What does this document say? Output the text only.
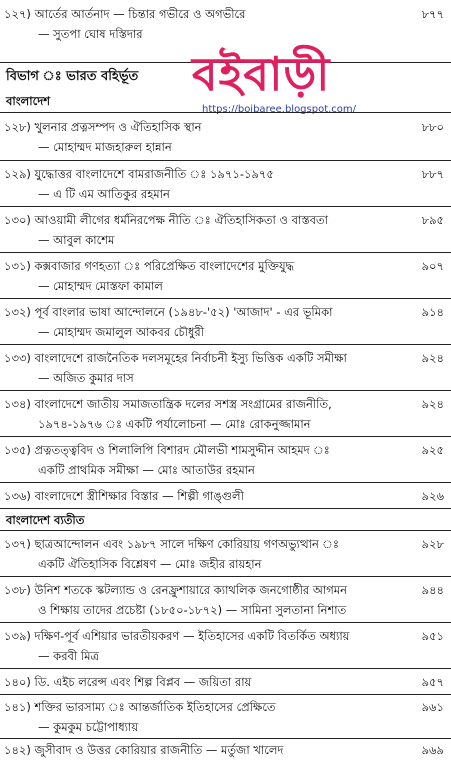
১২৭) আর্তের আর্তনাদ — চিন্তার গভীরে ও অগভীরে	৮৭৭
— সুতপা ঘোষ দস্তিদার
বিভাগ ঃ ভারত বহির্ভূত বইবাড়ী
https://boibaree.blogspot.com/
বাংলাদেশ
১২৮) খুলনার প্রত্নসম্পদ ও ঐতিহাসিক স্থান	৮৮০
— মোহাম্মদ মাজহারুল হান্নান
১২৯) যুদ্ধোত্তর বাংলাদেশে বামরাজনীতি ঃ ১৯৭১-১৯৭৫	৮৮৭
— এ টি এম আতিকুর রহমান
১৩০) আওয়ামী লীগের ধর্মনিরপেক্ষ নীতি ঃ ঐতিহাসিকতা ও বাস্তবতা	৮৯৫
— আবুল কাশেম
১৩১) কক্সবাজার গণহত্যা ঃ পরিপ্রেক্ষিত বাংলাদেশের মুক্তিযুদ্ধ	৯০৭
— মোহাম্মদ মোস্তফা কামাল
১৩২) পূর্ব বাংলার ভাষা আন্দোলনে (১৯৪৮-'৫২) 'আজাদ' - এর ভূমিকা	৯১৪
— মোহাম্মদ জমালুল আকবর চৌধুরী
১৩৩) বাংলাদেশে রাজনৈতিক দলসমূহের নির্বাচনী ইস্যু ভিত্তিক একটি সমীক্ষা	৯২৪
— অজিত কুমার দাস
১৩৪) বাংলাদেশে জাতীয় সমাজতান্ত্রিক দলের সশস্ত্র সংগ্রামের রাজনীতি,	৯২৪
১৯৭৪-১৯৭৬ ঃ একটি পর্যালোচনা — মোঃ রোকনুজ্জামান
১৩৫) প্রত্নতত্ত্ববিদ ও শিলালিপি বিশারদ মৌলভী শামসুদ্দীন আহমদ ঃ	৯২৫
একটি প্রাথমিক সমীক্ষা — মোঃ আতাউর রহমান
১৩৬) বাংলাদেশে স্ত্রীশিক্ষার বিস্তার — শিল্পী গাঙ্গুলী	৯২৬
বাংলাদেশ ব্যতীত
১৩৭) ছাত্রআন্দোলন এবং ১৯৮৭ সালে দক্ষিণ কোরিয়ায় গণঅভ্যুত্থান ঃ	৯২৮
একটি ঐতিহাসিক বিশ্লেষণ — মোঃ জহীর রায়হান
১৩৮) উনিশ শতকে স্কটল্যান্ড ও রেনফ্রুশায়ারে ক্যাথলিক জনগোষ্ঠীর আগমন	৯৪৪
ও শিক্ষায় তাদের প্রচেষ্টা (১৮৫০-১৮৭২) — সামিনা সুলতানা নিশাত
১৩৯) দক্ষিণ-পূর্ব এশিয়ার ভারতীয়করণ — ইতিহাসের একটি বিতর্কিত অধ্যায়	৯৫১
— করবী মিত্র
১৪০) ডি. এইচ লরেন্স এবং শিল্প বিপ্লব — জয়িতা রায়	৯৫৭
১৪১) শক্তির ভারসাম্য ঃ আন্তর্জাতিক ইতিহাসের প্রেক্ষিতে	৯৬১
— কুমকুম চট্টোপাধ্যায়
১৪২) জুসীবাদ ও উত্তর কোরিয়ার রাজনীতি — মর্তুজা খালেদ	৯৬৯
